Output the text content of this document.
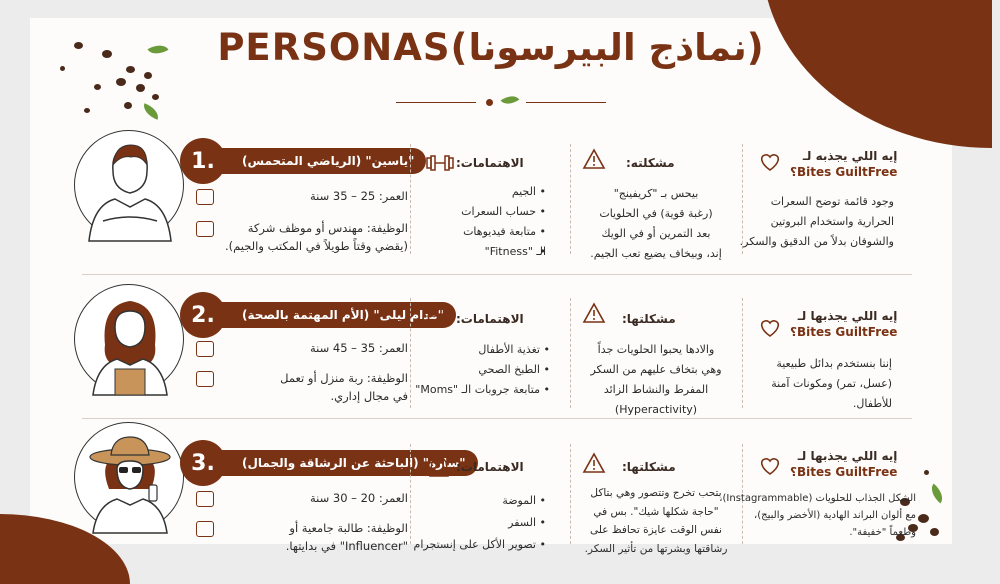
PERSONAS(نماذج البيرسونا)
1.	"ياسين" (الرياضي المتحمس)
العمر: 25 – 35 سنة
الوظيفة: مهندس أو موظف شركة
(يقضي وقتاً طويلاً في المكتب والجيم).
الاهتمامات:
• الجيم
• حساب السعرات
• متابعة فيديوهات
• الـ "Fitness"
مشكلته:
بيحس بـ "كريفينج"
(رغبة قوية) في الحلويات
بعد التمرين أو في الويك
إند، وبيخاف يضيع تعب الجيم.
إيه اللي يجذبه لـ
Bites GuiltFree؟
وجود قائمة توضح السعرات
الحرارية واستخدام البروتين
والشوفان بدلاً من الدقيق والسكر.
2.	"مدام ليلى" (الأم المهتمة بالصحة)
العمر: 35 – 45 سنة
الوظيفة: ربة منزل أو تعمل
في مجال إداري.
الاهتمامات:
• تغذية الأطفال
• الطبخ الصحي
• متابعة جروبات الـ "Moms"
مشكلتها:
والادها يحبوا الحلويات جداً
وهي بتخاف عليهم من السكر
المفرط والنشاط الزائد
(Hyperactivity)
إيه اللي يجذبها لـ
Bites GuiltFree؟
إننا بنستخدم بدائل طبيعية
(عسل، تمر) ومكونات آمنة
للأطفال.
3.	"سارة" (الباحثة عن الرشاقة والجمال)
العمر: 20 – 30 سنة
الوظيفة: طالبة جامعية أو
"Influencer" في بدايتها.
الاهتمامات:
• الموضة
• السفر
• تصوير الأكل على إنستجرام
مشكلتها:
بتحب تخرج وتتصور وهي بتاكل
"حاجة شكلها شيك". بس في
نفس الوقت عايزة تحافظ على
رشاقتها وبشرتها من تأثير السكر.
إيه اللي يجذبها لـ
Bites GuiltFree؟
الشكل الجذاب للحلويات (Instagrammable)،
مع ألوان البراند الهادية (الأخضر والبيج)،
وطعماً "خفيفة".
